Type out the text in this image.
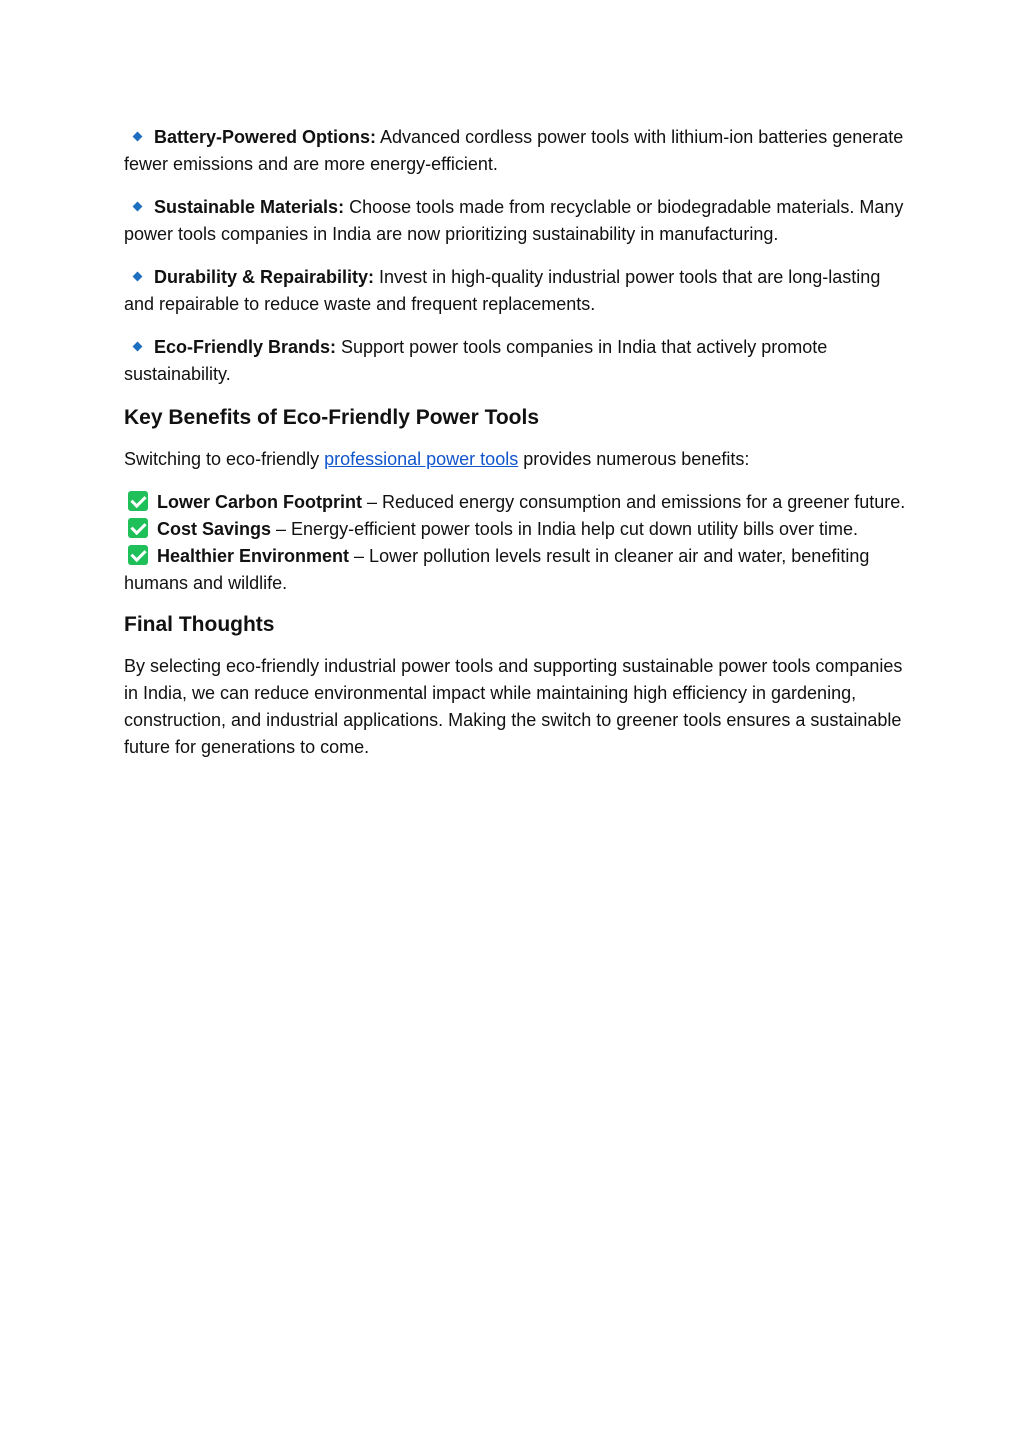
Battery-Powered Options: Advanced cordless power tools with lithium-ion batteries generate fewer emissions and are more energy-efficient.

Sustainable Materials: Choose tools made from recyclable or biodegradable materials. Many power tools companies in India are now prioritizing sustainability in manufacturing.

Durability & Repairability: Invest in high-quality industrial power tools that are long-lasting and repairable to reduce waste and frequent replacements.

Eco-Friendly Brands: Support power tools companies in India that actively promote sustainability.

Key Benefits of Eco-Friendly Power Tools

Switching to eco-friendly professional power tools provides numerous benefits:

Lower Carbon Footprint – Reduced energy consumption and emissions for a greener future.

Cost Savings – Energy-efficient power tools in India help cut down utility bills over time.

Healthier Environment – Lower pollution levels result in cleaner air and water, benefiting humans and wildlife.

Final Thoughts

By selecting eco-friendly industrial power tools and supporting sustainable power tools companies in India, we can reduce environmental impact while maintaining high efficiency in gardening, construction, and industrial applications. Making the switch to greener tools ensures a sustainable future for generations to come.
